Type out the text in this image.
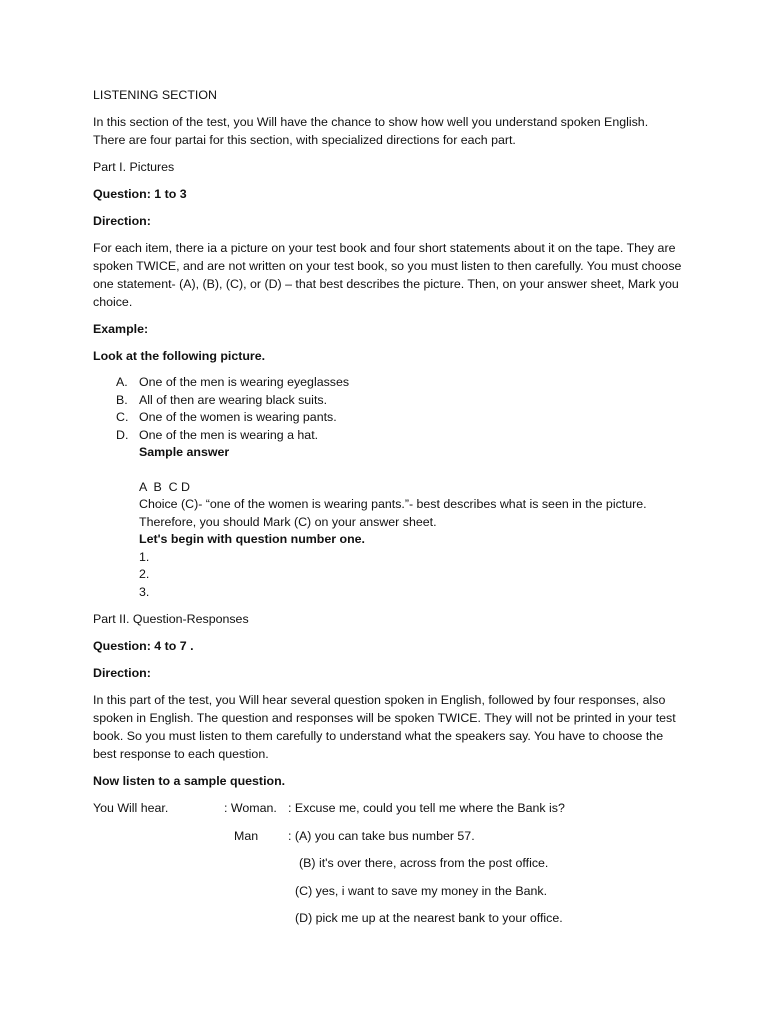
LISTENING SECTION

In this section of the test, you Will have the chance to show how well you understand spoken English. There are four partai for this section, with specialized directions for each part.

Part I. Pictures

Question: 1 to 3

Direction:

For each item, there ia a picture on your test book and four short statements about it on the tape. They are spoken TWICE, and are not written on your test book, so you must listen to then carefully. You must choose one statement- (A), (B), (C), or (D) – that best describes the picture. Then, on your answer sheet, Mark you choice.

Example:

Look at the following picture.

A. One of the men is wearing eyeglasses
B. All of then are wearing black suits.
C. One of the women is wearing pants.
D. One of the men is wearing a hat.
Sample answer
A  B  C D
Choice (C)- “one of the women is wearing pants.”- best describes what is seen in the picture.
Therefore, you should Mark (C) on your answer sheet.
Let's begin with question number one.
1.
2.
3.

Part II. Question-Responses

Question: 4 to 7 .

Direction:

In this part of the test, you Will hear several question spoken in English, followed by four responses, also spoken in English. The question and responses will be spoken TWICE. They will not be printed in your test book. So you must listen to them carefully to understand what the speakers say. You have to choose the best response to each question.

Now listen to a sample question.

You Will hear.	: Woman. : Excuse me, could you tell me where the Bank is?
Man : (A) you can take bus number 57.
(B) it's over there, across from the post office.
(C) yes, i want to save my money in the Bank.
(D) pick me up at the nearest bank to your office.
